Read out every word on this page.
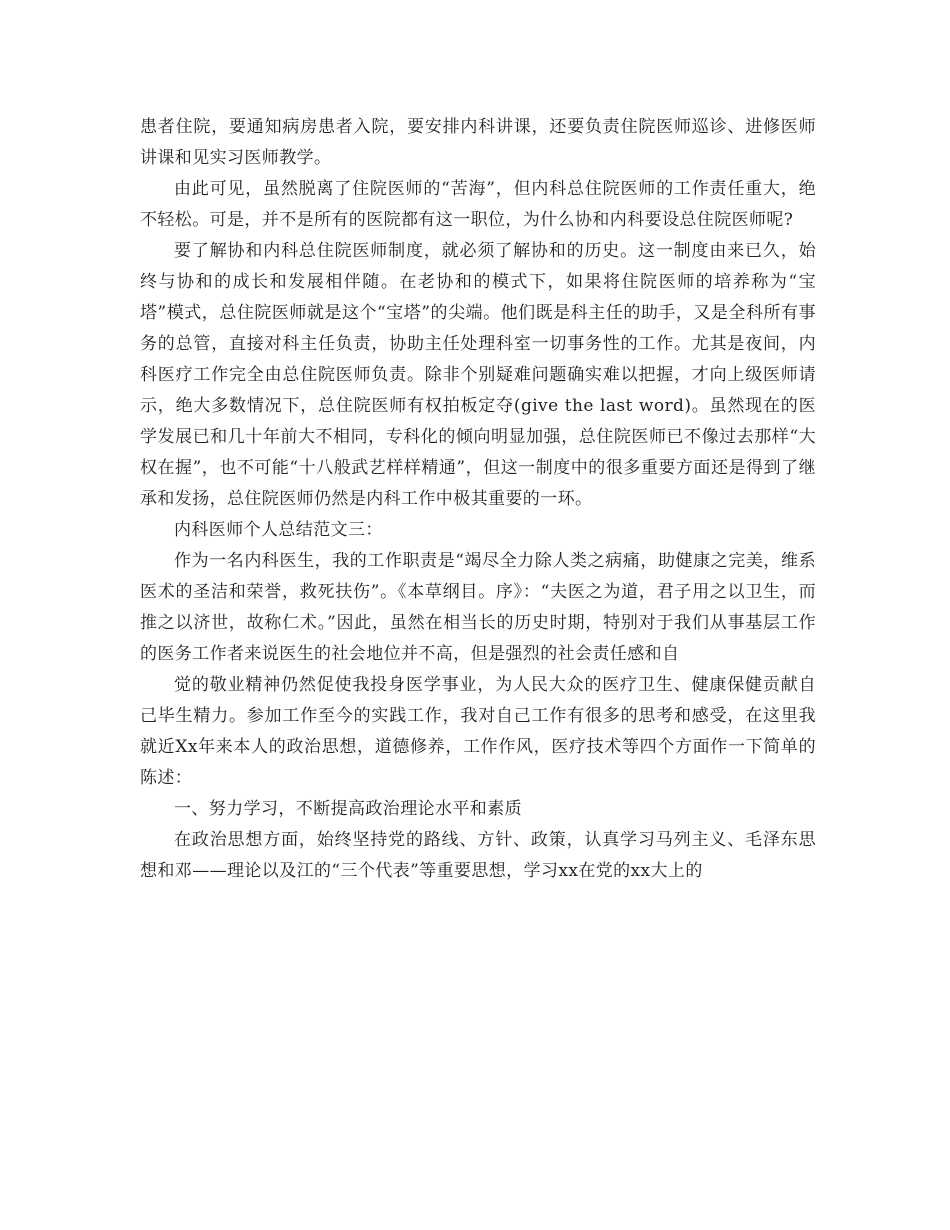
患者住院，要通知病房患者入院，要安排内科讲课，还要负责住院医师巡诊、进修医师讲课和见实习医师教学。

由此可见，虽然脱离了住院医师的“苦海”，但内科总住院医师的工作责任重大，绝不轻松。可是，并不是所有的医院都有这一职位，为什么协和内科要设总住院医师呢?

要了解协和内科总住院医师制度，就必须了解协和的历史。这一制度由来已久，始终与协和的成长和发展相伴随。在老协和的模式下，如果将住院医师的培养称为“宝塔”模式，总住院医师就是这个“宝塔”的尖端。他们既是科主任的助手，又是全科所有事务的总管，直接对科主任负责，协助主任处理科室一切事务性的工作。尤其是夜间，内科医疗工作完全由总住院医师负责。除非个别疑难问题确实难以把握，才向上级医师请示，绝大多数情况下，总住院医师有权拍板定夺(give the last word)。虽然现在的医学发展已和几十年前大不相同，专科化的倾向明显加强，总住院医师已不像过去那样“大权在握”，也不可能“十八般武艺样样精通”，但这一制度中的很多重要方面还是得到了继承和发扬，总住院医师仍然是内科工作中极其重要的一环。

内科医师个人总结范文三：

作为一名内科医生，我的工作职责是“竭尽全力除人类之病痛，助健康之完美，维系医术的圣洁和荣誉，救死扶伤”。《本草纲目。序》：“夫医之为道，君子用之以卫生，而推之以济世，故称仁术。”因此，虽然在相当长的历史时期，特别对于我们从事基层工作的医务工作者来说医生的社会地位并不高，但是强烈的社会责任感和自

觉的敬业精神仍然促使我投身医学事业，为人民大众的医疗卫生、健康保健贡献自己毕生精力。参加工作至今的实践工作，我对自己工作有很多的思考和感受，在这里我就近Xx年来本人的政治思想，道德修养，工作作风，医疗技术等四个方面作一下简单的陈述：

一、努力学习，不断提高政治理论水平和素质

在政治思想方面，始终坚持党的路线、方针、政策，认真学习马列主义、毛泽东思想和邓——理论以及江的“三个代表”等重要思想，学习xx在党的xx大上的
